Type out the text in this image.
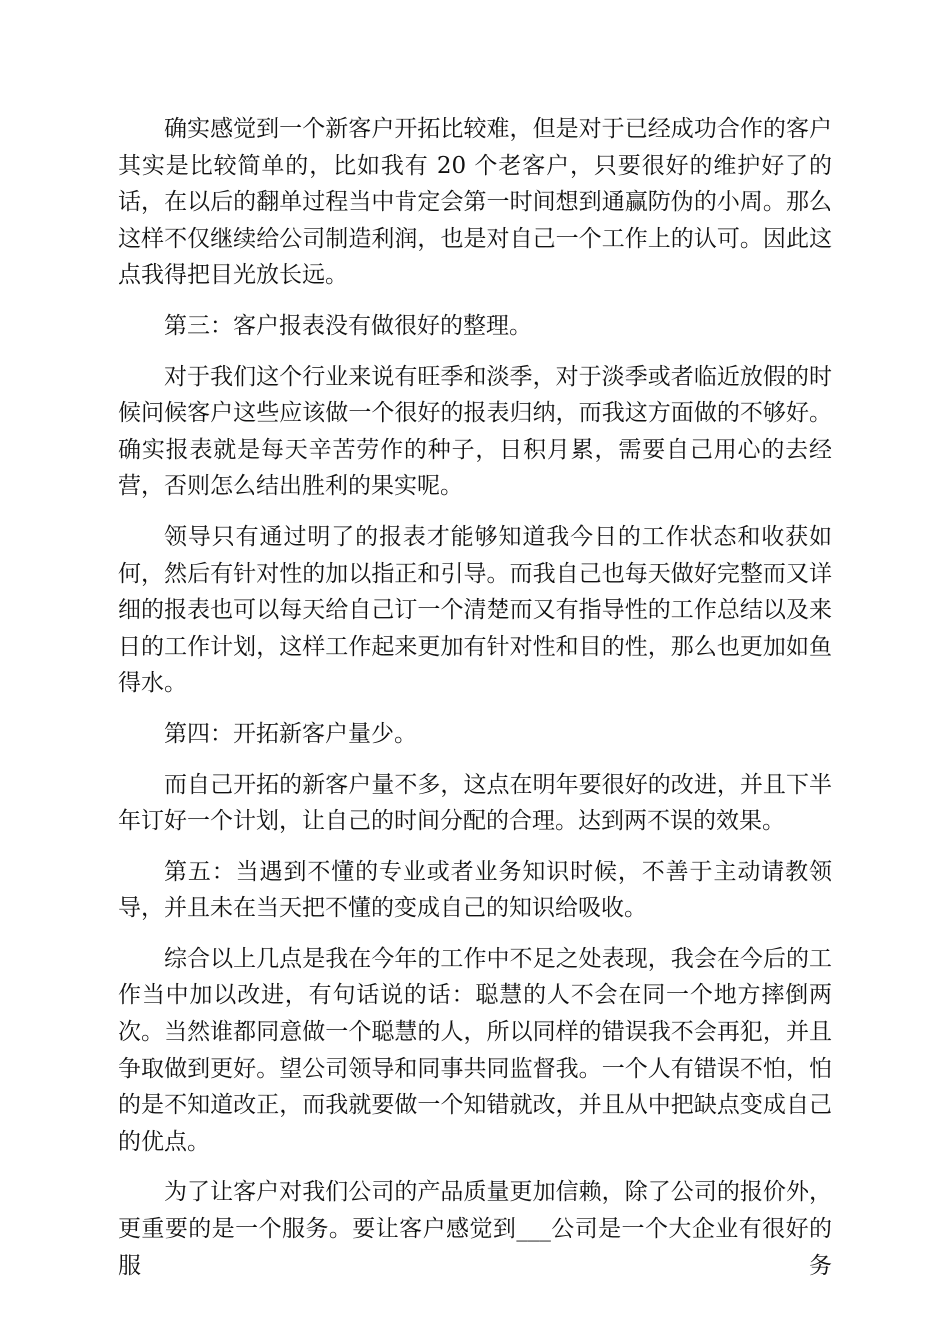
确实感觉到一个新客户开拓比较难，但是对于已经成功合作的客户其实是比较简单的，比如我有 20 个老客户，只要很好的维护好了的话，在以后的翻单过程当中肯定会第一时间想到通赢防伪的小周。那么这样不仅继续给公司制造利润，也是对自己一个工作上的认可。因此这点我得把目光放长远。

第三：客户报表没有做很好的整理。

对于我们这个行业来说有旺季和淡季，对于淡季或者临近放假的时候问候客户这些应该做一个很好的报表归纳，而我这方面做的不够好。确实报表就是每天辛苦劳作的种子，日积月累，需要自己用心的去经营，否则怎么结出胜利的果实呢。

领导只有通过明了的报表才能够知道我今日的工作状态和收获如何，然后有针对性的加以指正和引导。而我自己也每天做好完整而又详细的报表也可以每天给自己订一个清楚而又有指导性的工作总结以及来日的工作计划，这样工作起来更加有针对性和目的性，那么也更加如鱼得水。

第四：开拓新客户量少。

而自己开拓的新客户量不多，这点在明年要很好的改进，并且下半年订好一个计划，让自己的时间分配的合理。达到两不误的效果。

第五：当遇到不懂的专业或者业务知识时候，不善于主动请教领导，并且未在当天把不懂的变成自己的知识给吸收。

综合以上几点是我在今年的工作中不足之处表现，我会在今后的工作当中加以改进，有句话说的话：聪慧的人不会在同一个地方摔倒两次。当然谁都同意做一个聪慧的人，所以同样的错误我不会再犯，并且争取做到更好。望公司领导和同事共同监督我。一个人有错误不怕，怕的是不知道改正，而我就要做一个知错就改，并且从中把缺点变成自己的优点。

为了让客户对我们公司的产品质量更加信赖，除了公司的报价外，更重要的是一个服务。要让客户感觉到___公司是一个大企业有很好的服务
